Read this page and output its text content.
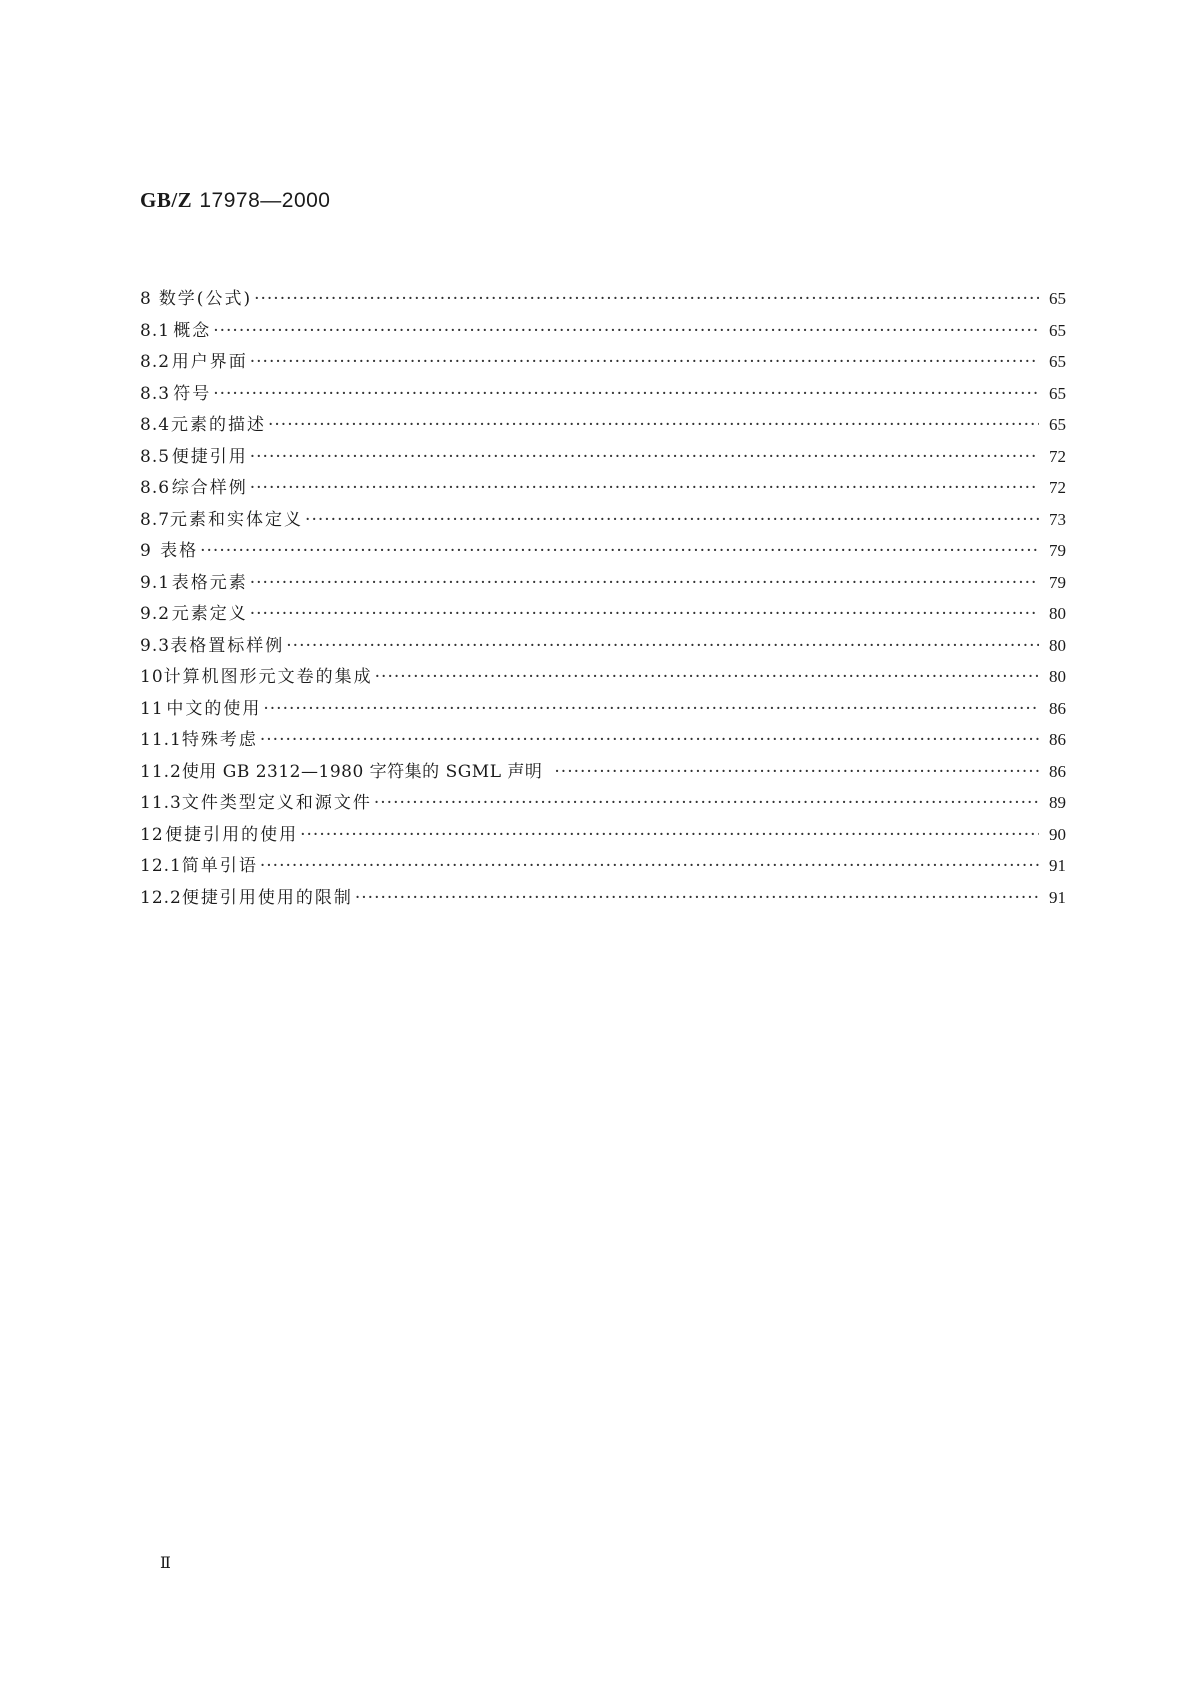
GB/Z 17978—2000
8 数学(公式) ·····	65
8.1 概念 ·····	65
8.2 用户界面 ·····	65
8.3 符号 ·····	65
8.4 元素的描述 ·····	65
8.5 便捷引用 ·····	72
8.6 综合样例 ·····	72
8.7 元素和实体定义 ·····	73
9 表格 ·····	79
9.1 表格元素 ·····	79
9.2 元素定义 ·····	80
9.3 表格置标样例 ·····	80
10 计算机图形元文卷的集成 ·····	80
11 中文的使用 ·····	86
11.1 特殊考虑 ·····	86
11.2 使用 GB 2312—1980 字符集的 SGML 声明 ·····	86
11.3 文件类型定义和源文件 ·····	89
12 便捷引用的使用 ·····	90
12.1 简单引语 ·····	91
12.2 便捷引用使用的限制 ·····	91
Ⅱ
